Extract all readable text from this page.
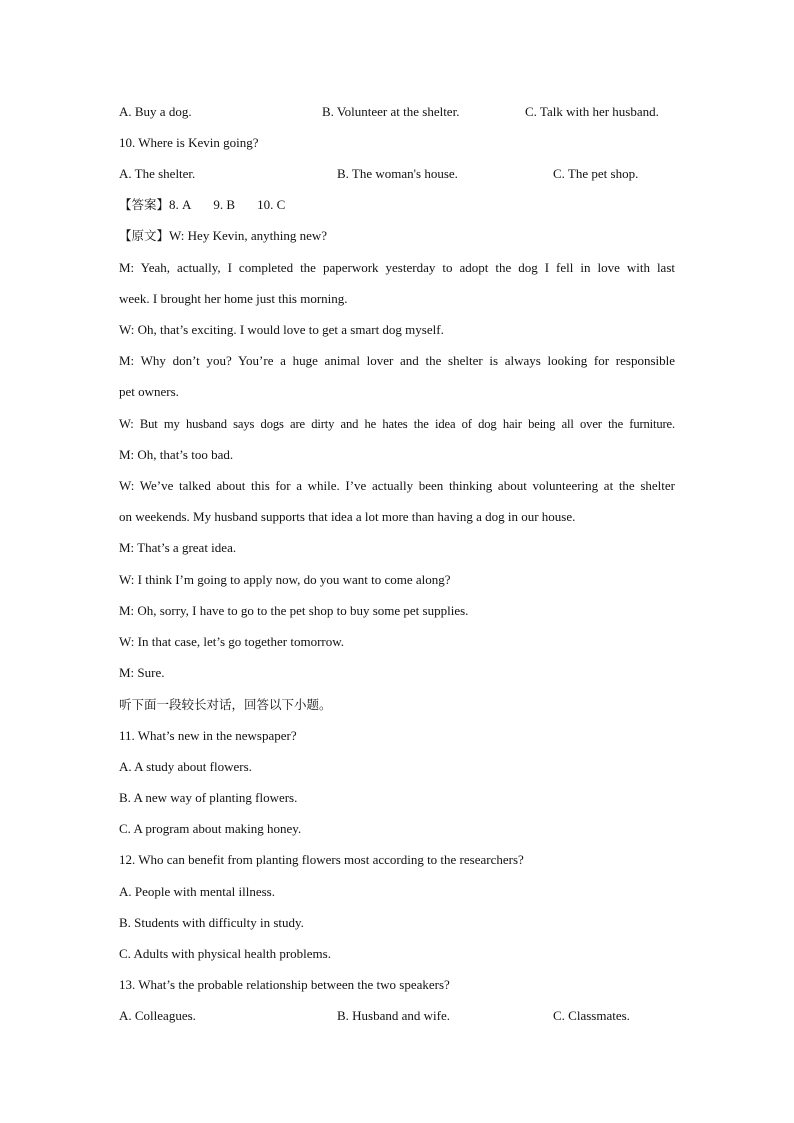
A. Buy a dog.	B. Volunteer at the shelter.	C. Talk with her husband.
10. Where is Kevin going?
A. The shelter.	B. The woman's house.	C. The pet shop.
【答案】8. A 9. B 10. C
【原文】W: Hey Kevin, anything new?
M: Yeah, actually, I completed the paperwork yesterday to adopt the dog I fell in love with last
week. I brought her home just this morning.
W: Oh, that’s exciting. I would love to get a smart dog myself.
M: Why don’t you? You’re a huge animal lover and the shelter is always looking for responsible
pet owners.
W: But my husband says dogs are dirty and he hates the idea of dog hair being all over the furniture.
M: Oh, that’s too bad.
W: We’ve talked about this for a while. I’ve actually been thinking about volunteering at the shelter
on weekends. My husband supports that idea a lot more than having a dog in our house.
M: That’s a great idea.
W: I think I’m going to apply now, do you want to come along?
M: Oh, sorry, I have to go to the pet shop to buy some pet supplies.
W: In that case, let’s go together tomorrow.
M: Sure.
听下面一段较长对话，回答以下小题。
11. What’s new in the newspaper?
A. A study about flowers.
B. A new way of planting flowers.
C. A program about making honey.
12. Who can benefit from planting flowers most according to the researchers?
A. People with mental illness.
B. Students with difficulty in study.
C. Adults with physical health problems.
13. What’s the probable relationship between the two speakers?
A. Colleagues.	B. Husband and wife.	C. Classmates.
